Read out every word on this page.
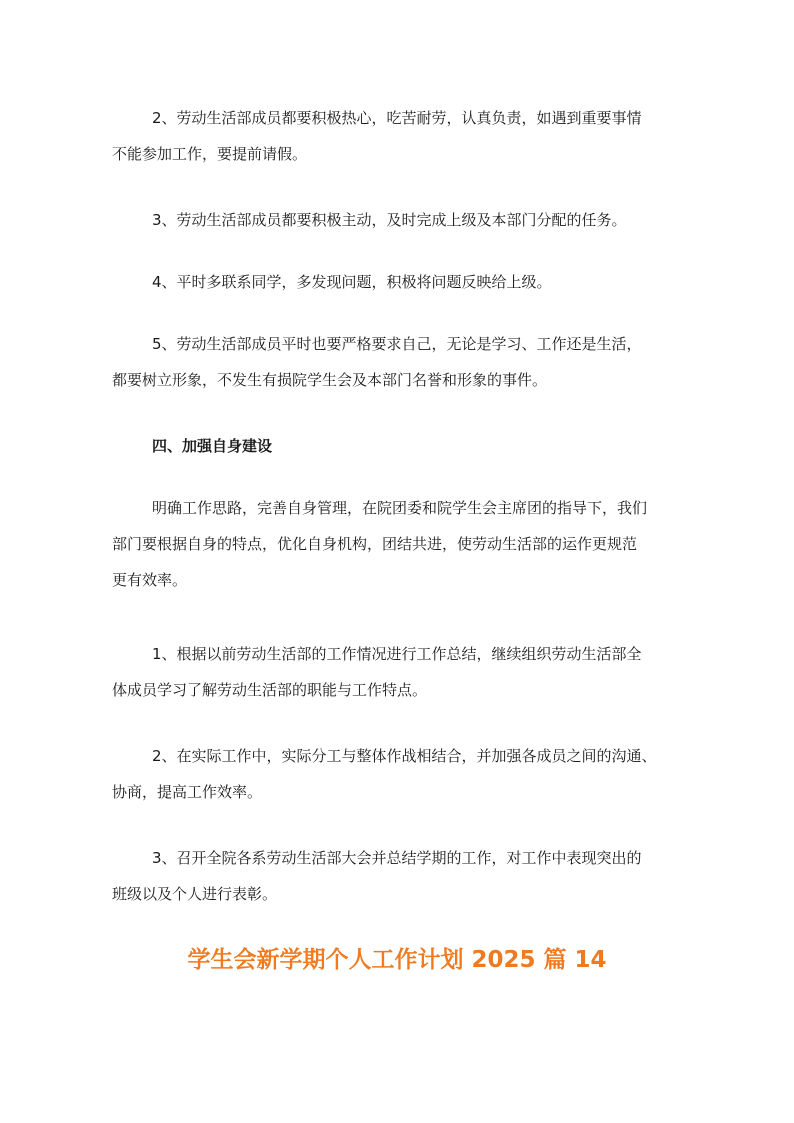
2、劳动生活部成员都要积极热心，吃苦耐劳，认真负责，如遇到重要事情
不能参加工作，要提前请假。

3、劳动生活部成员都要积极主动，及时完成上级及本部门分配的任务。

4、平时多联系同学，多发现问题，积极将问题反映给上级。

5、劳动生活部成员平时也要严格要求自己，无论是学习、工作还是生活，
都要树立形象，不发生有损院学生会及本部门名誉和形象的事件。

四、加强自身建设

明确工作思路，完善自身管理，在院团委和院学生会主席团的指导下，我们
部门要根据自身的特点，优化自身机构，团结共进，使劳动生活部的运作更规范
更有效率。

1、根据以前劳动生活部的工作情况进行工作总结，继续组织劳动生活部全
体成员学习了解劳动生活部的职能与工作特点。

2、在实际工作中，实际分工与整体作战相结合，并加强各成员之间的沟通、
协商，提高工作效率。

3、召开全院各系劳动生活部大会并总结学期的工作，对工作中表现突出的
班级以及个人进行表彰。

学生会新学期个人工作计划 2025 篇 14
